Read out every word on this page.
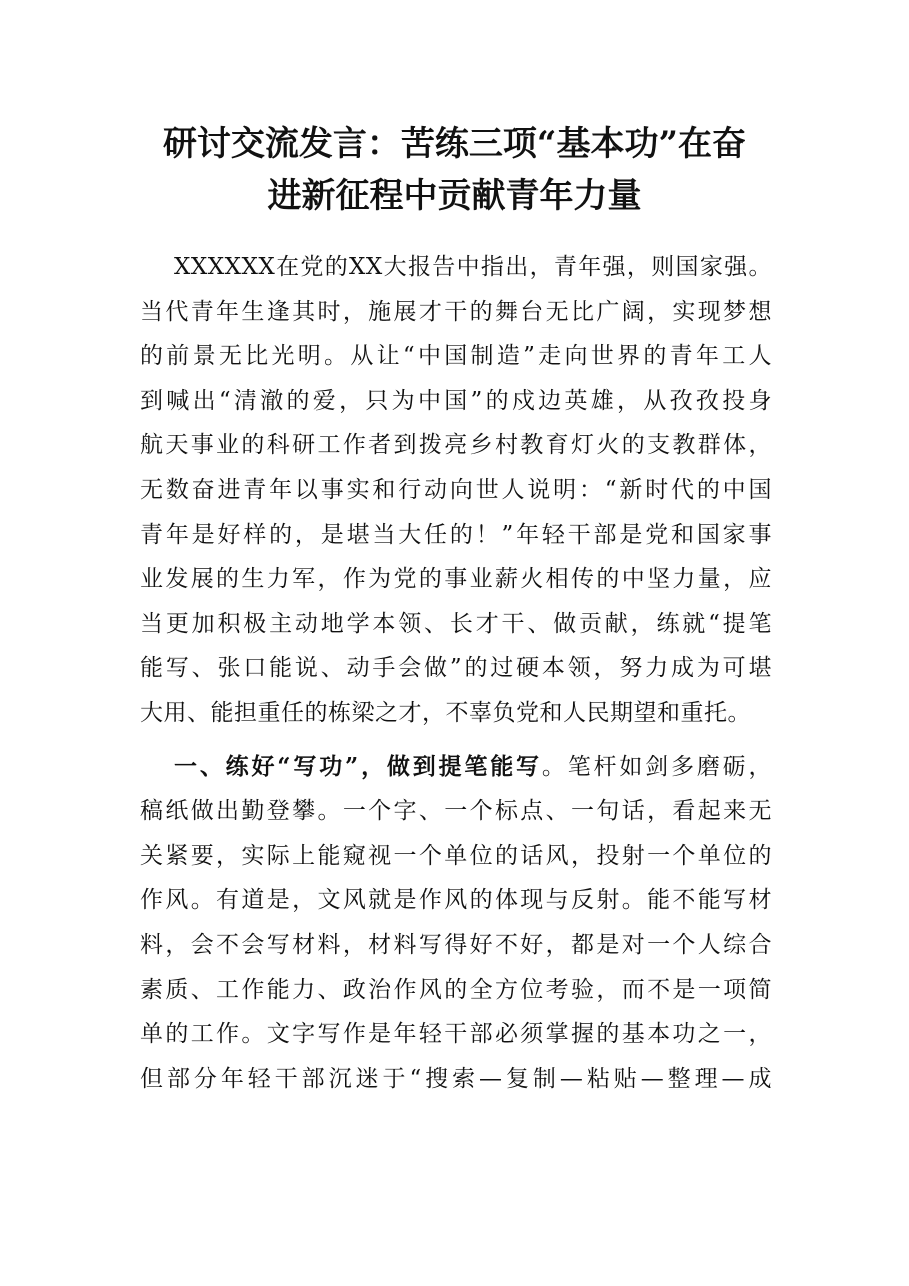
研讨交流发言：苦练三项“基本功”在奋
进新征程中贡献青年力量

XXXXXX在党的XX大报告中指出，青年强，则国家强。
当代青年生逢其时，施展才干的舞台无比广阔，实现梦想
的前景无比光明。从让“中国制造”走向世界的青年工人
到喊出“清澈的爱，只为中国”的戍边英雄，从孜孜投身
航天事业的科研工作者到拨亮乡村教育灯火的支教群体，
无数奋进青年以事实和行动向世人说明：“新时代的中国
青年是好样的，是堪当大任的！”年轻干部是党和国家事
业发展的生力军，作为党的事业薪火相传的中坚力量，应
当更加积极主动地学本领、长才干、做贡献，练就“提笔
能写、张口能说、动手会做”的过硬本领，努力成为可堪
大用、能担重任的栋梁之才，不辜负党和人民期望和重托。

一、练好“写功”，做到提笔能写。笔杆如剑多磨砺，
稿纸做出勤登攀。一个字、一个标点、一句话，看起来无
关紧要，实际上能窥视一个单位的话风，投射一个单位的
作风。有道是，文风就是作风的体现与反射。能不能写材
料，会不会写材料，材料写得好不好，都是对一个人综合
素质、工作能力、政治作风的全方位考验，而不是一项简
单的工作。文字写作是年轻干部必须掌握的基本功之一，
但部分年轻干部沉迷于“搜索—复制—粘贴—整理—成
